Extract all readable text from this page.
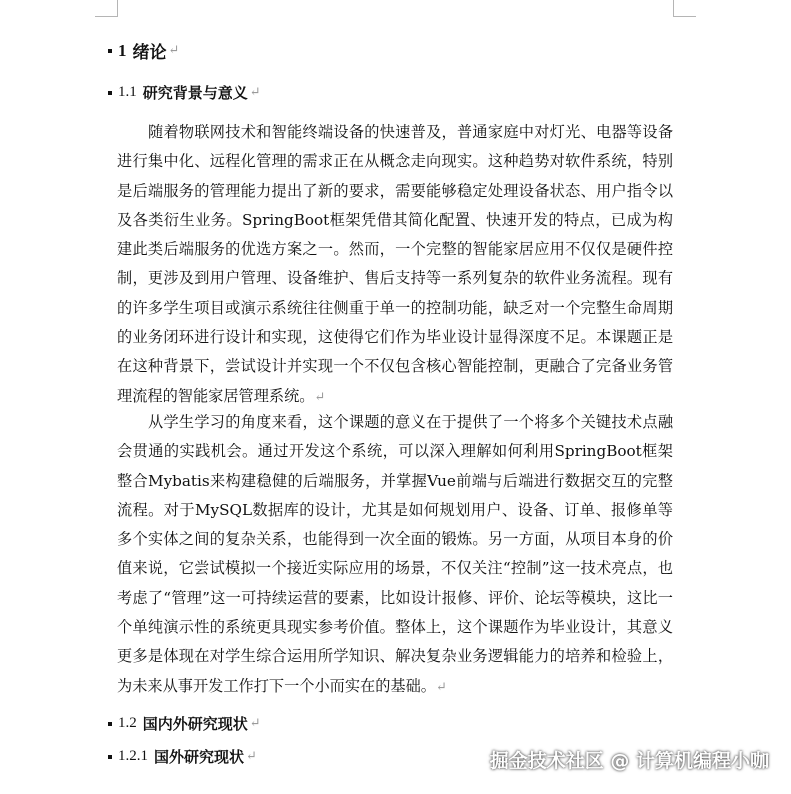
1 绪论 ↵
1.1 研究背景与意义 ↵

随着物联网技术和智能终端设备的快速普及，普通家庭中对灯光、电器等设备进行集中化、远程化管理的需求正在从概念走向现实。这种趋势对软件系统，特别是后端服务的管理能力提出了新的要求，需要能够稳定处理设备状态、用户指令以及各类衍生业务。SpringBoot框架凭借其简化配置、快速开发的特点，已成为构建此类后端服务的优选方案之一。然而，一个完整的智能家居应用不仅仅是硬件控制，更涉及到用户管理、设备维护、售后支持等一系列复杂的软件业务流程。现有的许多学生项目或演示系统往往侧重于单一的控制功能，缺乏对一个完整生命周期的业务闭环进行设计和实现，这使得它们作为毕业设计显得深度不足。本课题正是在这种背景下，尝试设计并实现一个不仅包含核心智能控制，更融合了完备业务管理流程的智能家居管理系统。↵

从学生学习的角度来看，这个课题的意义在于提供了一个将多个关键技术点融会贯通的实践机会。通过开发这个系统，可以深入理解如何利用SpringBoot框架整合Mybatis来构建稳健的后端服务，并掌握Vue前端与后端进行数据交互的完整流程。对于MySQL数据库的设计，尤其是如何规划用户、设备、订单、报修单等多个实体之间的复杂关系，也能得到一次全面的锻炼。另一方面，从项目本身的价值来说，它尝试模拟一个接近实际应用的场景，不仅关注“控制”这一技术亮点，也考虑了“管理”这一可持续运营的要素，比如设计报修、评价、论坛等模块，这比一个单纯演示性的系统更具现实参考价值。整体上，这个课题作为毕业设计，其意义更多是体现在对学生综合运用所学知识、解决复杂业务逻辑能力的培养和检验上，为未来从事开发工作打下一个小而实在的基础。↵

1.2 国内外研究现状 ↵
1.2.1 国外研究现状 ↵	掘金技术社区 @ 计算机编程小咖
